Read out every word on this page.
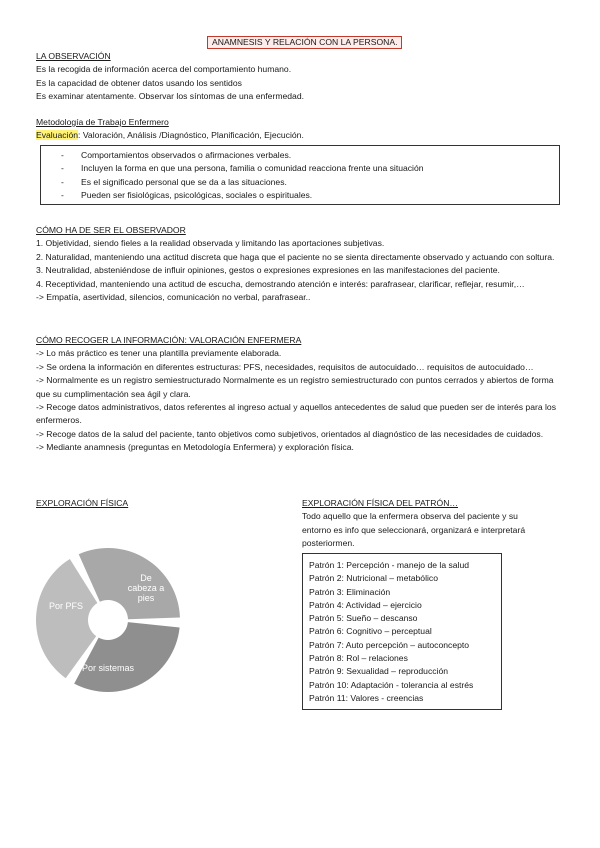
ANAMNESIS Y RELACIÓN CON LA PERSONA.
LA OBSERVACIÓN
Es la recogida de información acerca del comportamiento humano.
Es la capacidad de obtener datos usando los sentidos
Es examinar atentamente. Observar los síntomas de una enfermedad.
Metodología de Trabajo Enfermero
Evaluación: Valoración, Análisis /Diagnóstico, Planificación, Ejecución.
- Comportamientos observados o afirmaciones verbales.
- Incluyen la forma en que una persona, familia o comunidad reacciona frente una situación
- Es el significado personal que se da a las situaciones.
- Pueden ser fisiológicas, psicológicas, sociales o espirituales.
CÓMO HA DE SER EL OBSERVADOR
1. Objetividad, siendo fieles a la realidad observada y limitando las aportaciones subjetivas.
2. Naturalidad, manteniendo una actitud discreta que haga que el paciente no se sienta directamente observado y actuando con soltura.
3. Neutralidad, absteniéndose de influir opiniones, gestos o expresiones expresiones en las manifestaciones del paciente.
4. Receptividad, manteniendo una actitud de escucha, demostrando atención e interés: parafrasear, clarificar, reflejar, resumir,…
-> Empatía, asertividad, silencios, comunicación no verbal, parafrasear..
CÓMO RECOGER LA INFORMACIÓN: VALORACIÓN ENFERMERA
-> Lo más práctico es tener una plantilla previamente elaborada.
-> Se ordena la información en diferentes estructuras: PFS, necesidades, requisitos de autocuidado… requisitos de autocuidado…
-> Normalmente es un registro semiestructurado Normalmente es un registro semiestructurado con puntos cerrados y abiertos de forma que su cumplimentación sea ágil y clara.
-> Recoge datos administrativos, datos referentes al ingreso actual y aquellos antecedentes de salud que pueden ser de interés para los enfermeros.
-> Recoge datos de la salud del paciente, tanto objetivos como subjetivos, orientados al diagnóstico de las necesidades de cuidados.
-> Mediante anamnesis (preguntas en Metodología Enfermera) y exploración física.
EXPLORACIÓN FÍSICA
De cabeza a pies
Por sistemas
Por PFS
EXPLORACIÓN FÍSICA DEL PATRÓN…
Todo aquello que la enfermera observa del paciente y su
entorno es info que seleccionará, organizará e interpretará
posteriormen.
Patrón 1: Percepción - manejo de la salud
Patrón 2: Nutricional – metabólico
Patrón 3: Eliminación
Patrón 4: Actividad – ejercicio
Patrón 5: Sueño – descanso
Patrón 6: Cognitivo – perceptual
Patrón 7: Auto percepción – autoconcepto
Patrón 8: Rol – relaciones
Patrón 9: Sexualidad – reproducción
Patrón 10: Adaptación - tolerancia al estrés
Patrón 11: Valores - creencias
